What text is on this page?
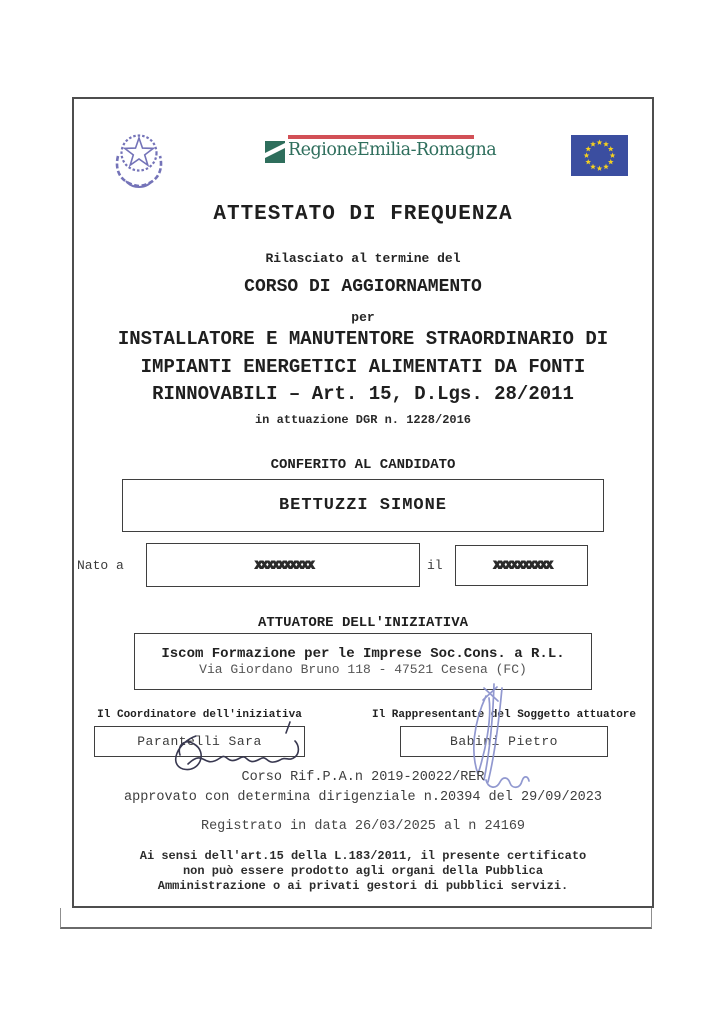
RegioneEmilia-Romagna
ATTESTATO DI FREQUENZA
Rilasciato al termine del
CORSO DI AGGIORNAMENTO
per
INSTALLATORE E MANUTENTORE STRAORDINARIO DI
IMPIANTI ENERGETICI ALIMENTATI DA FONTI
RINNOVABILI – Art. 15, D.Lgs. 28/2011
in attuazione DGR n. 1228/2016
CONFERITO AL CANDIDATO
BETTUZZI SIMONE
Nato a	XXXXXXXXXX	il	XXXXXXXXXX
ATTUATORE DELL'INIZIATIVA
Iscom Formazione per le Imprese Soc.Cons. a R.L.
Via Giordano Bruno 118 - 47521 Cesena (FC)
Il Coordinatore dell'iniziativa	Il Rappresentante del Soggetto attuatore
Parantelli Sara	Babini Pietro
Corso Rif.P.A.n 2019-20022/RER
approvato con determina dirigenziale n.20394 del 29/09/2023
Registrato in data 26/03/2025 al n 24169
Ai sensi dell'art.15 della L.183/2011, il presente certificato
non può essere prodotto agli organi della Pubblica
Amministrazione o ai privati gestori di pubblici servizi.
